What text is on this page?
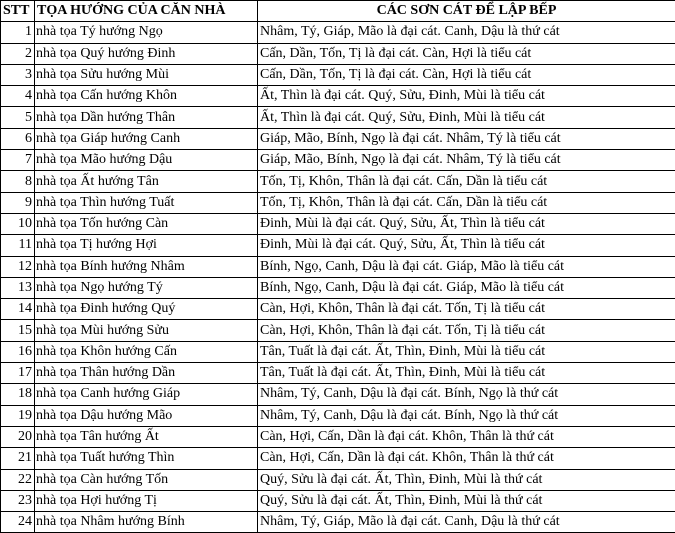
STT	TỌA HƯỚNG CỦA CĂN NHÀ	CÁC SƠN CÁT ĐỂ LẬP BẾP
1	nhà tọa Tý hướng Ngọ	Nhâm, Tý, Giáp, Mão là đại cát. Canh, Dậu là thứ cát
2	nhà tọa Quý hướng Đinh	Cấn, Dần, Tốn, Tị là đại cát. Càn, Hợi là tiểu cát
3	nhà tọa Sửu hướng Mùi	Cấn, Dần, Tốn, Tị là đại cát. Càn, Hợi là tiểu cát
4	nhà tọa Cấn hướng Khôn	Ất, Thìn là đại cát. Quý, Sửu, Đinh, Mùi là tiểu cát
5	nhà tọa Dần hướng Thân	Ất, Thìn là đại cát. Quý, Sửu, Đinh, Mùi là tiểu cát
6	nhà tọa Giáp hướng Canh	Giáp, Mão, Bính, Ngọ là đại cát. Nhâm, Tý là tiểu cát
7	nhà tọa Mão hướng Dậu	Giáp, Mão, Bính, Ngọ là đại cát. Nhâm, Tý là tiểu cát
8	nhà tọa Ất hướng Tân	Tốn, Tị, Khôn, Thân là đại cát. Cấn, Dần là tiểu cát
9	nhà tọa Thìn hướng Tuất	Tốn, Tị, Khôn, Thân là đại cát. Cấn, Dần là tiểu cát
10	nhà tọa Tốn hướng Càn	Đinh, Mùi là đại cát. Quý, Sửu, Ất, Thìn là tiểu cát
11	nhà tọa Tị hướng Hợi	Đinh, Mùi là đại cát. Quý, Sửu, Ất, Thìn là tiểu cát
12	nhà tọa Bính hướng Nhâm	Bính, Ngọ, Canh, Dậu là đại cát. Giáp, Mão là tiểu cát
13	nhà tọa Ngọ hướng Tý	Bính, Ngọ, Canh, Dậu là đại cát. Giáp, Mão là tiểu cát
14	nhà tọa Đinh hướng Quý	Càn, Hợi, Khôn, Thân là đại cát. Tốn, Tị là tiểu cát
15	nhà tọa Mùi hướng Sửu	Càn, Hợi, Khôn, Thân là đại cát. Tốn, Tị là tiểu cát
16	nhà tọa Khôn hướng Cấn	Tân, Tuất là đại cát. Ất, Thìn, Đinh, Mùi là tiểu cát
17	nhà tọa Thân hướng Dần	Tân, Tuất là đại cát. Ất, Thìn, Đinh, Mùi là tiểu cát
18	nhà tọa Canh hướng Giáp	Nhâm, Tý, Canh, Dậu là đại cát. Bính, Ngọ là thứ cát
19	nhà tọa Dậu hướng Mão	Nhâm, Tý, Canh, Dậu là đại cát. Bính, Ngọ là thứ cát
20	nhà tọa Tân hướng Ất	Càn, Hợi, Cấn, Dần là đại cát. Khôn, Thân là thứ cát
21	nhà tọa Tuất hướng Thìn	Càn, Hợi, Cấn, Dần là đại cát. Khôn, Thân là thứ cát
22	nhà tọa Càn hướng Tốn	Quý, Sửu là đại cát. Ất, Thìn, Đinh, Mùi là thứ cát
23	nhà tọa Hợi hướng Tị	Quý, Sửu là đại cát. Ất, Thìn, Đinh, Mùi là thứ cát
24	nhà tọa Nhâm hướng Bính	Nhâm, Tý, Giáp, Mão là đại cát. Canh, Dậu là thứ cát
